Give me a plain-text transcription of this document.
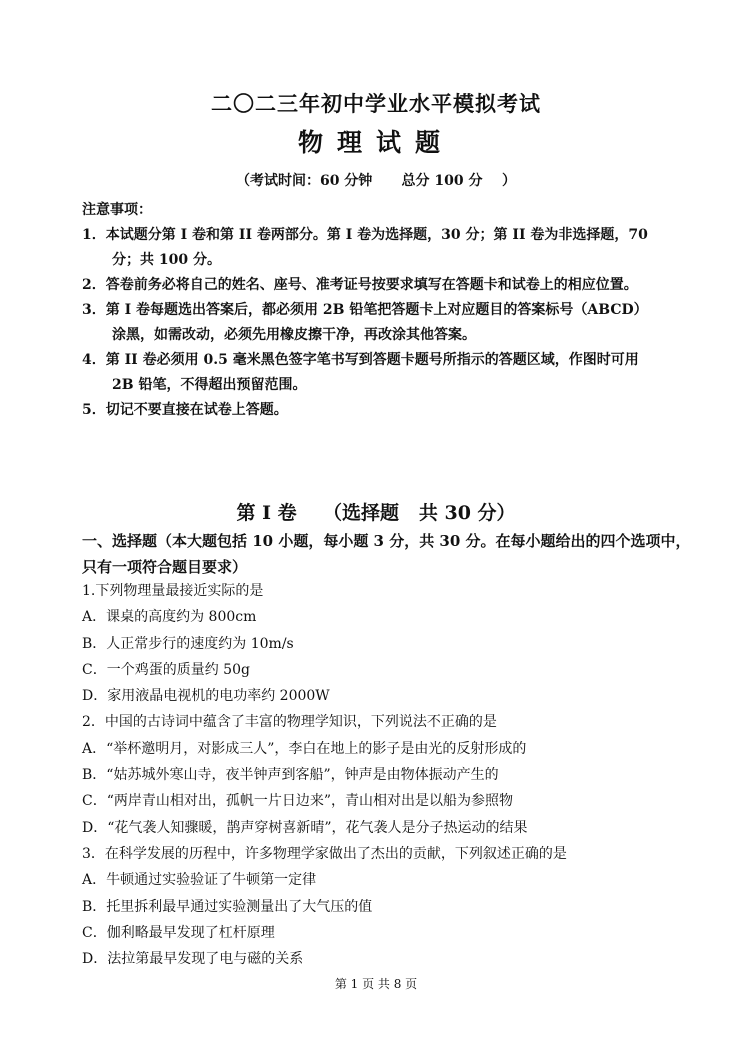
二〇二三年初中学业水平模拟考试
物理试题
（考试时间：60 分钟      总分 100 分    ）
注意事项：
1．本试题分第 I 卷和第 II 卷两部分。第 I 卷为选择题，30 分；第 II 卷为非选择题，70
分；共 100 分。
2．答卷前务必将自己的姓名、座号、准考证号按要求填写在答题卡和试卷上的相应位置。
3．第 I 卷每题选出答案后，都必须用 2B 铅笔把答题卡上对应题目的答案标号（ABCD）
涂黑，如需改动，必须先用橡皮擦干净，再改涂其他答案。
4．第 II 卷必须用 0.5 毫米黑色签字笔书写到答题卡题号所指示的答题区域，作图时可用
2B 铅笔，不得超出预留范围。
5．切记不要直接在试卷上答题。
第 I 卷    （选择题   共 30 分）
一、选择题（本大题包括 10 小题，每小题 3 分，共 30 分。在每小题给出的四个选项中，
只有一项符合题目要求）
1.下列物理量最接近实际的是
A．课桌的高度约为 800cm
B．人正常步行的速度约为 10m/s
C．一个鸡蛋的质量约 50g
D．家用液晶电视机的电功率约 2000W
2．中国的古诗词中蕴含了丰富的物理学知识，下列说法不正确的是
A．“举杯邀明月，对影成三人”，李白在地上的影子是由光的反射形成的
B．“姑苏城外寒山寺，夜半钟声到客船”，钟声是由物体振动产生的
C．“两岸青山相对出，孤帆一片日边来”，青山相对出是以船为参照物
D．“花气袭人知骤暖，鹊声穿树喜新晴”，花气袭人是分子热运动的结果
3．在科学发展的历程中，许多物理学家做出了杰出的贡献，下列叙述正确的是
A．牛顿通过实验验证了牛顿第一定律
B．托里拆利最早通过实验测量出了大气压的值
C．伽利略最早发现了杠杆原理
D．法拉第最早发现了电与磁的关系
第 1 页 共 8 页
